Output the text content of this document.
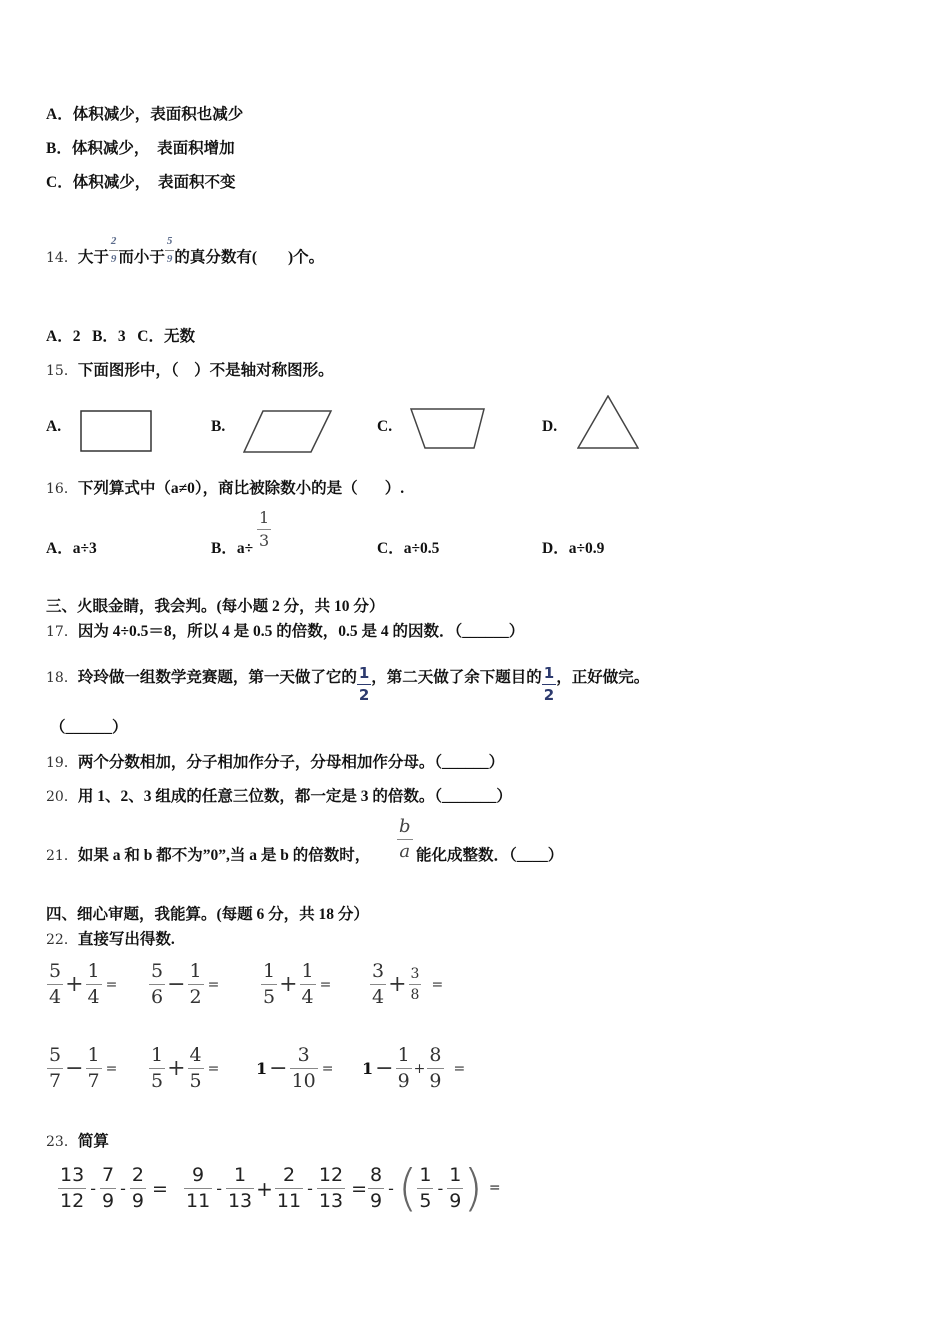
A．体积减少，表面积也减少
B．体积减少，  表面积增加
C．体积减少，  表面积不变
14．大于 $\frac{2}{9}$ 而小于 $\frac{5}{9}$ 的真分数有(        )个。
A．2   B．3   C．无数
15．下面图形中，（    ）不是轴对称图形。
A.	B.	C.	D.
16．下列算式中（a≠0），商比被除数小的是（       ）.
A．a÷3	B．$a\div \frac{1}{3}$	C．a÷0.5	D．a÷0.9
三、火眼金睛，我会判。(每小题 2 分，共 10 分）
17．因为 4÷0.5＝8，所以 4 是 0.5 的倍数，0.5 是 4 的因数．（______）
18．玲玲做一组数学竞赛题，第一天做了它的 $\frac{1}{2}$ ，第二天做了余下题目的 $\frac{1}{2}$ ，正好做完。
（______）
19．两个分数相加，分子相加作分子，分母相加作分母。（______）
20．用 1、2、3 组成的任意三位数，都一定是 3 的倍数。（_______）
21．如果 a 和 b 都不为”0”,当 a 是 b 的倍数时， $\frac{b}{a}$ 能化成整数．（____）
四、细心审题，我能算。(每题 6 分，共 18 分）
22．直接写出得数.
$\frac{5}{4} + \frac{1}{4} = \frac{5}{6} - \frac{1}{2} = \frac{1}{5} + \frac{1}{4} = \frac{3}{4} + \frac{3}{8}$ =
$\frac{5}{7} - \frac{1}{7} = \frac{1}{5} + \frac{4}{5} = 1- \frac{3}{10} = 1- \frac{1}{9} + \frac{8}{9}$ =
23．简算
$\frac{13}{12} - \frac{7}{9} - \frac{2}{9} = \frac{9}{11} - \frac{1}{13} + \frac{2}{11} - \frac{12}{13} = \frac{8}{9}$ -( $\frac{1}{5} - \frac{1}{9}$ ) =
